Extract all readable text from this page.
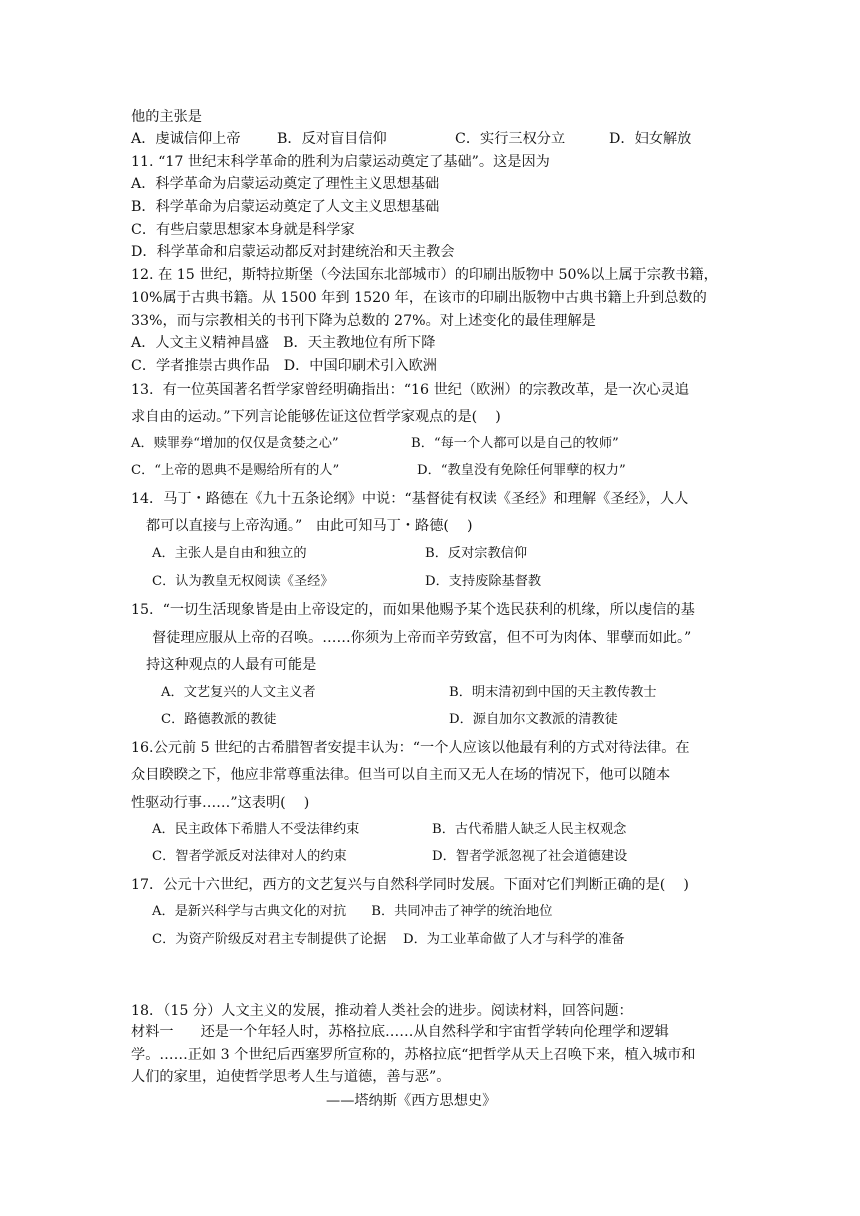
他的主张是
A．虔诚信仰上帝	B．反对盲目信仰	C．实行三权分立	D．妇女解放
11. “17 世纪末科学革命的胜利为启蒙运动奠定了基础”。这是因为
A．科学革命为启蒙运动奠定了理性主义思想基础
B．科学革命为启蒙运动奠定了人文主义思想基础
C．有些启蒙思想家本身就是科学家
D．科学革命和启蒙运动都反对封建统治和天主教会
12. 在 15 世纪，斯特拉斯堡（今法国东北部城市）的印刷出版物中 50%以上属于宗教书籍，
10%属于古典书籍。从 1500 年到 1520 年，在该市的印刷出版物中古典书籍上升到总数的
33%，而与宗教相关的书刊下降为总数的 27%。对上述变化的最佳理解是
A．人文主义精神昌盛　B．天主教地位有所下降
C．学者推崇古典作品　D．中国印刷术引入欧洲
13.  有一位英国著名哲学家曾经明确指出：“16 世纪（欧洲）的宗教改革，是一次心灵追
求自由的运动。”下列言论能够佐证这位哲学家观点的是(    )
A．赎罪券“增加的仅仅是贪婪之心”	B．“每一个人都可以是自己的牧师”
C．“上帝的恩典不是赐给所有的人”	D．“教皇没有免除任何罪孽的权力”
14．马丁・路德在《九十五条论纲》中说：“基督徒有权读《圣经》和理解《圣经》，人人
都可以直接与上帝沟通。”   由此可知马丁・路德(    )
A．主张人是自由和独立的	B．反对宗教信仰
C．认为教皇无权阅读《圣经》	D．支持废除基督教
15.  “一切生活现象皆是由上帝设定的，而如果他赐予某个选民获利的机缘，所以虔信的基
督徒理应服从上帝的召唤。……你须为上帝而辛劳致富，但不可为肉体、罪孽而如此。”
持这种观点的人最有可能是
A．文艺复兴的人文主义者	B．明末清初到中国的天主教传教士
C．路德教派的教徒	D．源自加尔文教派的清教徒
16.公元前 5 世纪的古希腊智者安提丰认为：“一个人应该以他最有利的方式对待法律。在
众目睽睽之下，他应非常尊重法律。但当可以自主而又无人在场的情况下，他可以随本
性驱动行事……”这表明(    )
A．民主政体下希腊人不受法律约束	B．古代希腊人缺乏人民主权观念
C．智者学派反对法律对人的约束	D．智者学派忽视了社会道德建设
17．公元十六世纪，西方的文艺复兴与自然科学同时发展。下面对它们判断正确的是(    )
A．是新兴科学与古典文化的对抗      B．共同冲击了神学的统治地位
C．为资产阶级反对君主专制提供了论据    D．为工业革命做了人才与科学的准备
18．（15 分）人文主义的发展，推动着人类社会的进步。阅读材料，回答问题：
材料一      还是一个年轻人时，苏格拉底……从自然科学和宇宙哲学转向伦理学和逻辑
学。……正如 3 个世纪后西塞罗所宣称的，苏格拉底“把哲学从天上召唤下来，植入城市和
人们的家里，迫使哲学思考人生与道德，善与恶”。
——塔纳斯《西方思想史》
